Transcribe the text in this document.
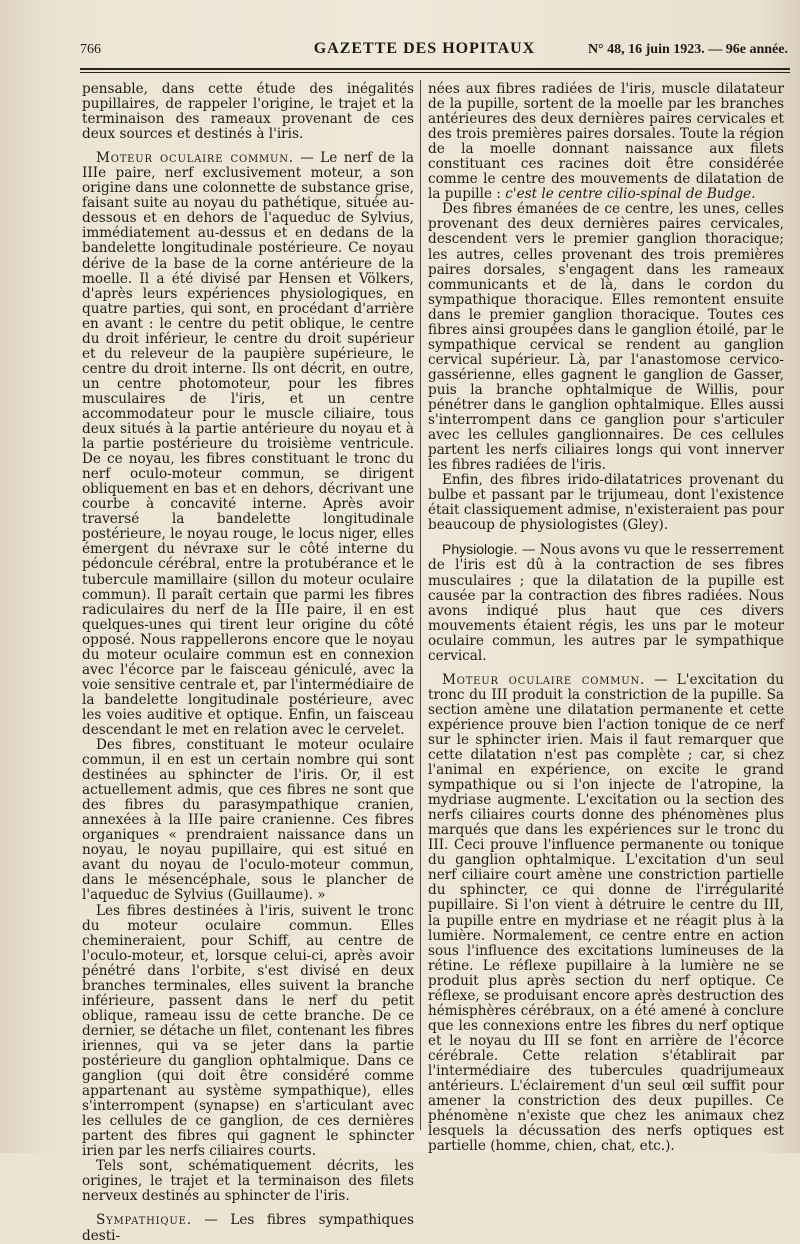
766	GAZETTE DES HOPITAUX	N° 48, 16 juin 1923. — 96e année.

pensable, dans cette étude des inégalités pupillaires, de rappeler l'origine, le trajet et la terminaison des rameaux provenant de ces deux sources et destinés à l'iris.

Moteur oculaire commun. — Le nerf de la IIIe paire, nerf exclusivement moteur, a son origine dans une colonnette de substance grise, faisant suite au noyau du pathétique, située au-dessous et en dehors de l'aqueduc de Sylvius, immédiatement au-dessus et en dedans de la bandelette longitudinale postérieure. Ce noyau dérive de la base de la corne antérieure de la moelle. Il a été divisé par Hensen et Völkers, d'après leurs expériences physiologiques, en quatre parties, qui sont, en procédant d'arrière en avant : le centre du petit oblique, le centre du droit inférieur, le centre du droit supérieur et du releveur de la paupière supérieure, le centre du droit interne. Ils ont décrit, en outre, un centre photomoteur, pour les fibres musculaires de l'iris, et un centre accommodateur pour le muscle ciliaire, tous deux situés à la partie antérieure du noyau et à la partie postérieure du troisième ventricule. De ce noyau, les fibres constituant le tronc du nerf oculo-moteur commun, se dirigent obliquement en bas et en dehors, décrivant une courbe à concavité interne. Après avoir traversé la bandelette longitudinale postérieure, le noyau rouge, le locus niger, elles émergent du névraxe sur le côté interne du pédoncule cérébral, entre la protubérance et le tubercule mamillaire (sillon du moteur oculaire commun). Il paraît certain que parmi les fibres radiculaires du nerf de la IIIe paire, il en est quelques-unes qui tirent leur origine du côté opposé. Nous rappellerons encore que le noyau du moteur oculaire commun est en connexion avec l'écorce par le faisceau géniculé, avec la voie sensitive centrale et, par l'intermédiaire de la bandelette longitudinale postérieure, avec les voies auditive et optique. Enfin, un faisceau descendant le met en relation avec le cervelet.

Des fibres, constituant le moteur oculaire commun, il en est un certain nombre qui sont destinées au sphincter de l'iris. Or, il est actuellement admis, que ces fibres ne sont que des fibres du parasympathique cranien, annexées à la IIIe paire cranienne. Ces fibres organiques « prendraient naissance dans un noyau, le noyau pupillaire, qui est situé en avant du noyau de l'oculo-moteur commun, dans le mésencéphale, sous le plancher de l'aqueduc de Sylvius (Guillaume). »

Les fibres destinées à l'iris, suivent le tronc du moteur oculaire commun. Elles chemineraient, pour Schiff, au centre de l'oculo-moteur, et, lorsque celui-ci, après avoir pénétré dans l'orbite, s'est divisé en deux branches terminales, elles suivent la branche inférieure, passent dans le nerf du petit oblique, rameau issu de cette branche. De ce dernier, se détache un filet, contenant les fibres iriennes, qui va se jeter dans la partie postérieure du ganglion ophtalmique. Dans ce ganglion (qui doit être considéré comme appartenant au système sympathique), elles s'interrompent (synapse) en s'articulant avec les cellules de ce ganglion, de ces dernières partent des fibres qui gagnent le sphincter irien par les nerfs ciliaires courts.

Tels sont, schématiquement décrits, les origines, le trajet et la terminaison des filets nerveux destinés au sphincter de l'iris.

Sympathique. — Les fibres sympathiques desti-

nées aux fibres radiées de l'iris, muscle dilatateur de la pupille, sortent de la moelle par les branches antérieures des deux dernières paires cervicales et des trois premières paires dorsales. Toute la région de la moelle donnant naissance aux filets constituant ces racines doit être considérée comme le centre des mouvements de dilatation de la pupille : c'est le centre cilio-spinal de Budge.

Des fibres émanées de ce centre, les unes, celles provenant des deux dernières paires cervicales, descendent vers le premier ganglion thoracique; les autres, celles provenant des trois premières paires dorsales, s'engagent dans les rameaux communicants et de là, dans le cordon du sympathique thoracique. Elles remontent ensuite dans le premier ganglion thoracique. Toutes ces fibres ainsi groupées dans le ganglion étoilé, par le sympathique cervical se rendent au ganglion cervical supérieur. Là, par l'anastomose cervico-gassérienne, elles gagnent le ganglion de Gasser, puis la branche ophtalmique de Willis, pour pénétrer dans le ganglion ophtalmique. Elles aussi s'interrompent dans ce ganglion pour s'articuler avec les cellules ganglionnaires. De ces cellules partent les nerfs ciliaires longs qui vont innerver les fibres radiées de l'iris.

Enfin, des fibres irido-dilatatrices provenant du bulbe et passant par le trijumeau, dont l'existence était classiquement admise, n'existeraient pas pour beaucoup de physiologistes (Gley).

Physiologie. — Nous avons vu que le resserrement de l'iris est dû à la contraction de ses fibres musculaires ; que la dilatation de la pupille est causée par la contraction des fibres radiées. Nous avons indiqué plus haut que ces divers mouvements étaient régis, les uns par le moteur oculaire commun, les autres par le sympathique cervical.

Moteur oculaire commun. — L'excitation du tronc du III produit la constriction de la pupille. Sa section amène une dilatation permanente et cette expérience prouve bien l'action tonique de ce nerf sur le sphincter irien. Mais il faut remarquer que cette dilatation n'est pas complète ; car, si chez l'animal en expérience, on excite le grand sympathique ou si l'on injecte de l'atropine, la mydriase augmente. L'excitation ou la section des nerfs ciliaires courts donne des phénomènes plus marqués que dans les expériences sur le tronc du III. Ceci prouve l'influence permanente ou tonique du ganglion ophtalmique. L'excitation d'un seul nerf ciliaire court amène une constriction partielle du sphincter, ce qui donne de l'irrégularité pupillaire. Si l'on vient à détruire le centre du III, la pupille entre en mydriase et ne réagit plus à la lumière. Normalement, ce centre entre en action sous l'influence des excitations lumineuses de la rétine. Le réflexe pupillaire à la lumière ne se produit plus après section du nerf optique. Ce réflexe, se produisant encore après destruction des hémisphères cérébraux, on a été amené à conclure que les connexions entre les fibres du nerf optique et le noyau du III se font en arrière de l'écorce cérébrale. Cette relation s'établirait par l'intermédiaire des tubercules quadrijumeaux antérieurs. L'éclairement d'un seul œil suffit pour amener la constriction des deux pupilles. Ce phénomène n'existe que chez les animaux chez lesquels la décussation des nerfs optiques est partielle (homme, chien, chat, etc.).
